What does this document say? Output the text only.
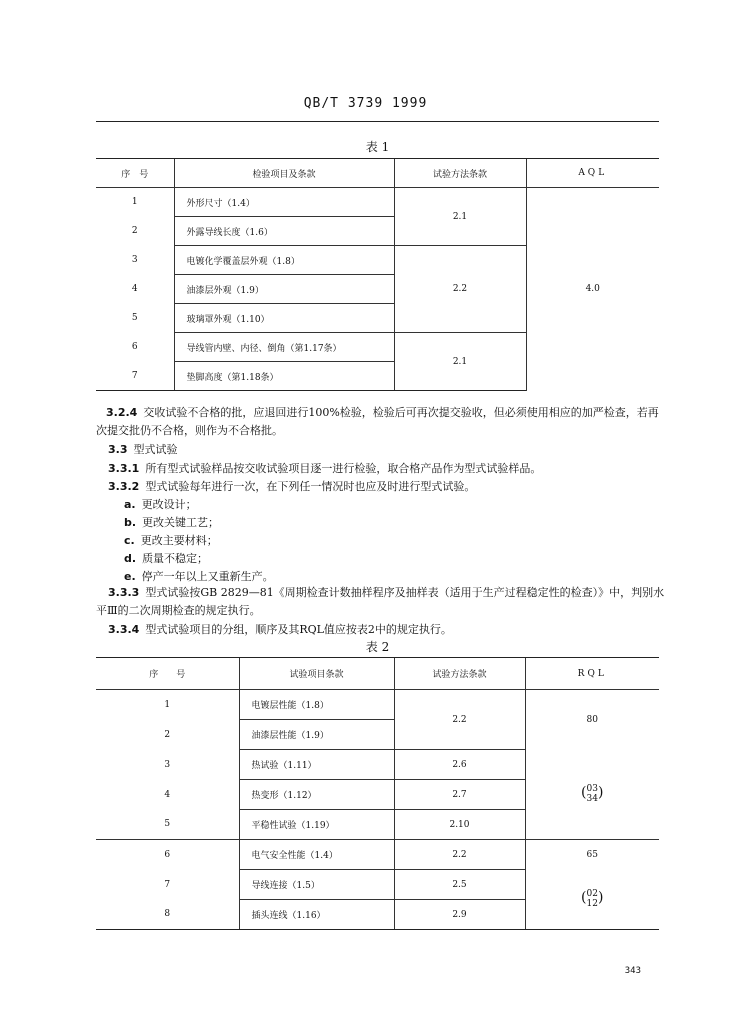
QB/T 3739 1999
表 1
序　号	检验项目及条款	试验方法条款	AQL
1	外形尺寸（1.4）	2.1	4.0
2	外露导线长度（1.6）		
3	电镀化学覆盖层外观（1.8）	2.2	
4	油漆层外观（1.9）		
5	玻璃罩外观（1.10）		
6	导线管内壁、内径、倒角（第1.17条）	2.1	
7	垫脚高度（第1.18条）		
3.2.4 交收试验不合格的批，应退回进行100%检验，检验后可再次提交验收，但必须使用相应的加严检查，若再次提交批仍不合格，则作为不合格批。
3.3 型式试验
3.3.1 所有型式试验样品按交收试验项目逐一进行检验，取合格产品作为型式试验样品。
3.3.2 型式试验每年进行一次，在下列任一情况时也应及时进行型式试验。
a. 更改设计；
b. 更改关键工艺；
c. 更改主要材料；
d. 质量不稳定；
e. 停产一年以上又重新生产。
3.3.3 型式试验按GB 2829—81《周期检查计数抽样程序及抽样表（适用于生产过程稳定性的检查）》中，判别水平Ⅲ的二次周期检查的规定执行。
3.3.4 型式试验项目的分组，顺序及其RQL值应按表2中的规定执行。
表 2
序　　号	试验项目条款	试验方法条款	RQL
1	电镀层性能（1.8）	2.2	80
2	油漆层性能（1.9）		
3	热试验（1.11）	2.6	(03
34)
4	热变形（1.12）	2.7	
5	平稳性试验（1.19）	2.10	
6	电气安全性能（1.4）	2.2	65
7	导线连接（1.5）	2.5	(02
12)
8	插头连线（1.16）	2.9	
343
